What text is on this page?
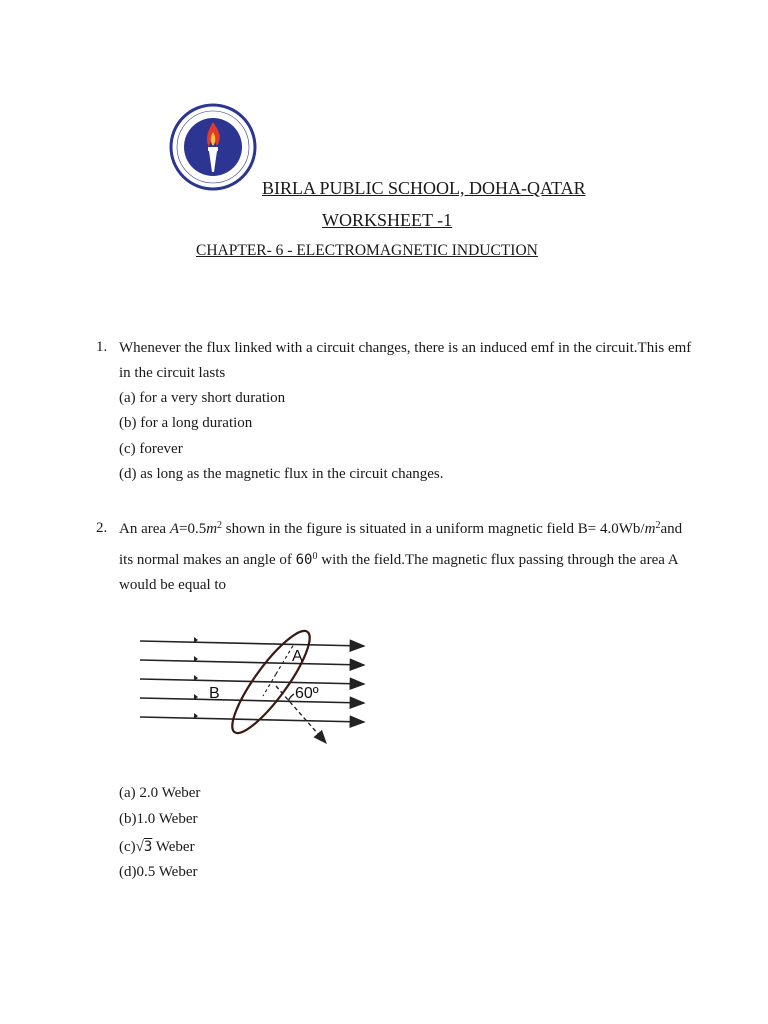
BIRLA PUBLIC SCHOOL, DOHA-QATAR
WORKSHEET -1
CHAPTER- 6 - ELECTROMAGNETIC INDUCTION
1. Whenever the flux linked with a circuit changes, there is an induced emf in the circuit.This emf
in the circuit lasts
(a) for a very short duration
(b) for a long duration
(c) forever
(d) as long as the magnetic flux in the circuit changes.
2. An area $A=0.5m^2$ shown in the figure is situated in a uniform magnetic field $B= 4.0Wb/m^2and$
its normal makes an angle of $60^0$ with the field.The magnetic flux passing through the area A
would be equal to
A
B	60º
(a) 2.0 Weber
(b)1.0 Weber
(c)√3 Weber
(d)0.5 Weber
